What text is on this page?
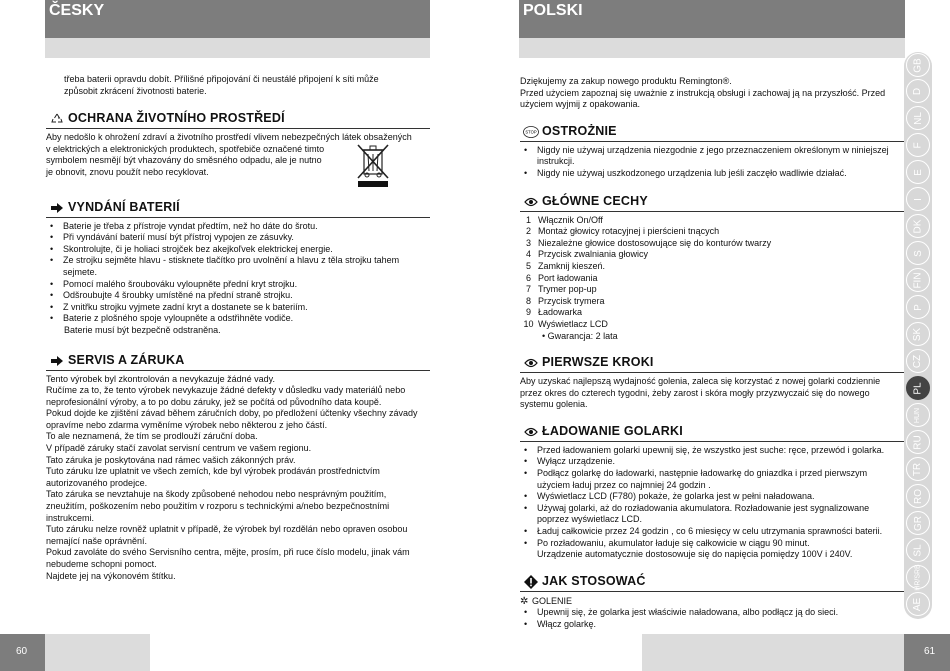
ČESKY	POLSKI

třeba baterii opravdu dobít. Přílišné připojování či neustálé připojení k síti může

způsobit zkrácení životnosti baterie.

OCHRANA ŽIVOTNÍHO PROSTŘEDÍ

Aby nedošlo k ohrožení zdraví a životního prostředí vlivem nebezpečných látek obsažených

v elektrických a elektronických produktech, spotřebiče označené timto

symbolem nesmějí být vhazovány do směsného odpadu, ale je nutno

je obnovit, znovu použít nebo recyklovat.

VYNDÁNÍ BATERIÍ
• Baterie je třeba z přístroje vyndat předtím, než ho dáte do šrotu.
• Při vyndávání baterií musí být přístroj vypojen ze zásuvky.
• Skontrolujte, či je holiaci strojček bez akejkoľvek elektrickej energie.
• Ze strojku sejměte hlavu - stisknete tlačítko pro uvolnění a hlavu z těla strojku tahem

sejmete.

• Pomocí malého šroubováku vyloupněte přední kryt strojku.
• Odšroubujte 4 šroubky umístěné na přední straně strojku.
• Z vnitřku strojku vyjmete zadní kryt a dostanete se k bateriím.
• Baterie z plošného spoje vyloupněte a odstřihněte vodiče.

Baterie musí být bezpečně odstraněna.

SERVIS A ZÁRUKA

Tento výrobek byl zkontrolován a nevykazuje žádné vady.

Ručíme za to, že tento výrobek nevykazuje žádné defekty v důsledku vady materiálů nebo

neprofesionální výroby, a to po dobu záruky, jež se počítá od původního data koupě.

Pokud dojde ke zjištění závad během záručních doby, po předložení účtenky všechny závady

opravíme nebo zdarma vyměníme výrobek nebo některou z jeho částí.

To ale neznamená, že tím se prodlouží záruční doba.

V případě záruky stačí zavolat servisní centrum ve vašem regionu.

Tato záruka je poskytována nad rámec vašich zákonných práv.

Tuto záruku lze uplatnit ve všech zemích, kde byl výrobek prodáván prostřednictvím

autorizovaného prodejce.

Tato záruka se nevztahuje na škody způsobené nehodou nebo nesprávným použitím,

zneužitím, poškozením nebo použitím v rozporu s technickými a/nebo bezpečnostními

instrukcemi.

Tuto záruku nelze rovněž uplatnit v případě, že výrobek byl rozdělán nebo opraven osobou

nemající naše oprávnění.

Pokud zavoláte do svého Servisního centra, mějte, prosím, při ruce číslo modelu, jinak vám

nebudeme schopni pomoct.

Najdete jej na výkonovém štítku.

Dziękujemy za zakup nowego produktu Remington®.

Przed użyciem zapoznaj się uważnie z instrukcją obsługi i zachowaj ją na przyszłość. Przed

użyciem wyjmij z opakowania.

STOP OSTROŻNIE
• Nigdy nie używaj urządzenia niezgodnie z jego przeznaczeniem określonym w niniejszej

instrukcji.

• Nigdy nie używaj uszkodzonego urządzenia lub jeśli zaczęło wadliwie działać.
GŁÓWNE CECHY
1 Włącznik On/Off
2 Montaż głowicy rotacyjnej i pierścieni tnących
3 Niezależne głowice dostosowujące się do konturów twarzy
4 Przycisk zwalniania głowicy
5 Zamknij kieszeń.
6 Port ładowania
7 Trymer pop-up
8 Przycisk trymera
9 Ładowarka
10 Wyświetlacz LCD

• Gwarancja: 2 lata

PIERWSZE KROKI

Aby uzyskać najlepszą wydajność golenia, zaleca się korzystać z nowej golarki codziennie

przez okres do czterech tygodni, żeby zarost i skóra mogły przyzwyczaić się do nowego

systemu golenia.

ŁADOWANIE GOLARKI
• Przed ładowaniem golarki upewnij się, że wszystko jest suche: ręce, przewód i golarka.
• Wyłącz urządzenie.
• Podłącz golarkę do ładowarki, następnie ładowarkę do gniazdka i przed pierwszym

użyciem ładuj przez co najmniej 24 godzin .

• Wyświetlacz LCD (F780) pokaże, że golarka jest w pełni naładowana.
• Używaj golarki, aż do rozładowania akumulatora. Rozładowanie jest sygnalizowane

poprzez wyświetlacz LCD.

• Ładuj całkowicie przez 24 godzin , co 6 miesięcy w celu utrzymania sprawności baterii.
• Po rozładowaniu, akumulator ładuje się całkowicie w ciągu 90 minut.

Urządzenie automatycznie dostosowuje się do napięcia pomiędzy 100V i 240V.

JAK STOSOWAĆ
✲ GOLENIE
• Upewnij się, że golarka jest właściwie naładowana, albo podłącz ją do sieci.
• Włącz golarkę.
GB
D
NL
F
E
I
DK
S
FIN
P
SK
CZ
PL
HUN
RU
TR
RO
GR
SL
HR/SRB
AE
60	61
